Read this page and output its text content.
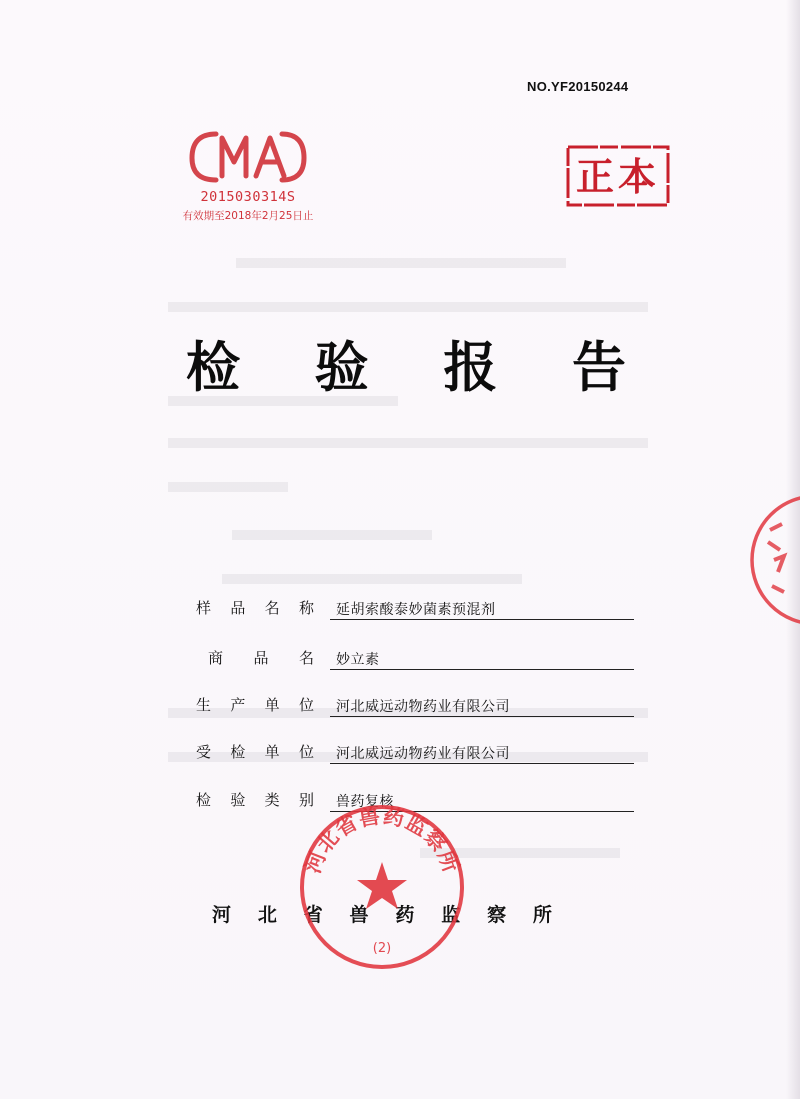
NO.YF20150244
2015030314S
有效期至2018年2月25日止
正本
检 验 报 告
样 品 名 称 延胡索酸泰妙菌素预混剂
商 品 名 妙立素
生 产 单 位 河北威远动物药业有限公司
受 检 单 位 河北威远动物药业有限公司
检 验 类 别 兽药复核
河 北 省 兽 药 监 察 所
河北省兽药监察所
(2)
